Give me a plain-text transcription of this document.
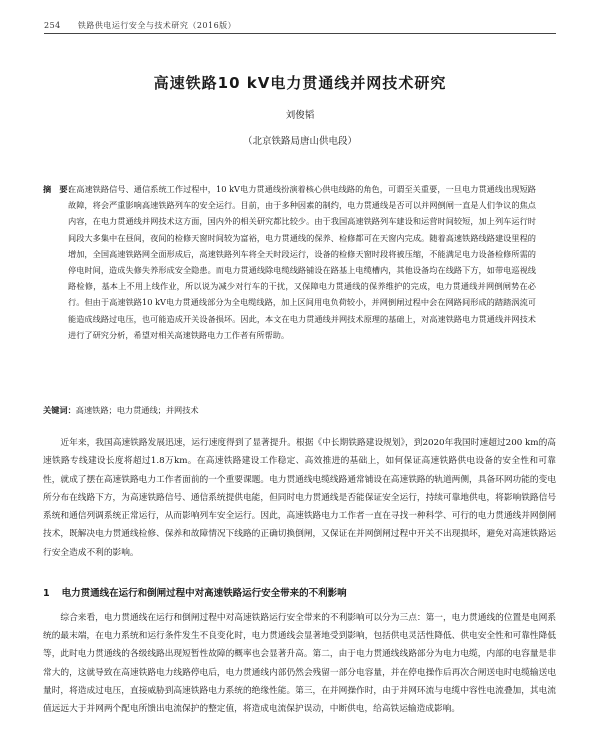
254 铁路供电运行安全与技术研究（2016版）
高速铁路10 kV电力贯通线并网技术研究
刘俊韬
（北京铁路局唐山供电段）
摘　要：

在高速铁路信号、通信系统工作过程中，10 kV电力贯通线扮演着核心供电线路的角色，可谓至关重要，一旦电力贯通线出现短路故障，将会严重影响高速铁路列车的安全运行。目前，由于多种因素的制约，电力贯通线是否可以并网倒闸一直是人们争议的焦点内容，在电力贯通线并网技术这方面，国内外的相关研究都比较少。由于我国高速铁路列车建设和运营时间较短，加上列车运行时间段大多集中在昼间，夜间的检修天窗时间较为富裕，电力贯通线的保养、检修都可在天窗内完成。随着高速铁路线路建设里程的增加，全国高速铁路网全面形成后，高速铁路列车将全天时段运行，设备的检修天窗时段将被压缩，不能满足电力设备检修所需的停电时间，造成失修失养形成安全隐患。而电力贯通线除电缆线路铺设在路基上电缆槽内，其他设备均在线路下方，如带电巡视线路检修，基本上不用上线作业，所以说为减少对行车的干扰，又保障电力贯通线的保养维护的完成，电力贯通线并网倒闸势在必行。但由于高速铁路10 kV电力贯通线部分为全电缆线路，加上区间用电负荷较小，并网倒闸过程中会在网路间形成的踏踏涡流可能造成线路过电压，也可能造成开关设备损坏。因此，本文在电力贯通线并网技术原理的基础上，对高速铁路电力贯通线并网技术进行了研究分析，希望对相关高速铁路电力工作者有所帮助。

关键词：高速铁路；电力贯通线；并网技术

近年来，我国高速铁路发展迅速，运行速度得到了显著提升。根据《中长期铁路建设规划》，到2020年我国时速超过200 km的高速铁路专线建设长度将超过1.8万km。在高速铁路建设工作稳定、高效推进的基础上，如何保证高速铁路供电设备的安全性和可靠性，就成了摆在高速铁路电力工作者面前的一个重要课题。电力贯通线电缆线路通常铺设在高速铁路的轨道两侧，具备环网功能的变电所分布在线路下方，为高速铁路信号、通信系统提供电能，但同时电力贯通线是否能保证安全运行，持续可靠地供电，将影响铁路信号系统和通信列调系统正常运行，从而影响列车安全运行。因此，高速铁路电力工作者一直在寻找一种科学、可行的电力贯通线并网倒闸技术，既解决电力贯通线检修、保养和故障情况下线路的正确切换倒闸，又保证在并网倒闸过程中开关不出现损坏，避免对高速铁路运行安全造成不利的影响。

1 电力贯通线在运行和倒闸过程中对高速铁路运行安全带来的不利影响

综合来看，电力贯通线在运行和倒闸过程中对高速铁路运行安全带来的不利影响可以分为三点：第一，电力贯通线的位置是电网系统的最末端，在电力系统和运行条件发生不良变化时，电力贯通线会显著地受到影响，包括供电灵活性降低、供电安全性和可靠性降低等，此时电力贯通线的各级线路出现短暂性故障的概率也会显著升高。第二，由于电力贯通线线路部分为电力电缆，内部的电容量是非常大的，这就导致在高速铁路电力线路停电后，电力贯通线内部仍然会残留一部分电容量，并在停电操作后再次合闸送电时电缆输送电量时，将造成过电压，直接威胁到高速铁路电力系统的绝缘性能。第三，在并网操作时，由于并网环流与电缆中容性电流叠加，其电流值远远大于并网两个配电所馈出电流保护的整定值，将造成电流保护误动，中断供电，给高铁运输造成影响。
